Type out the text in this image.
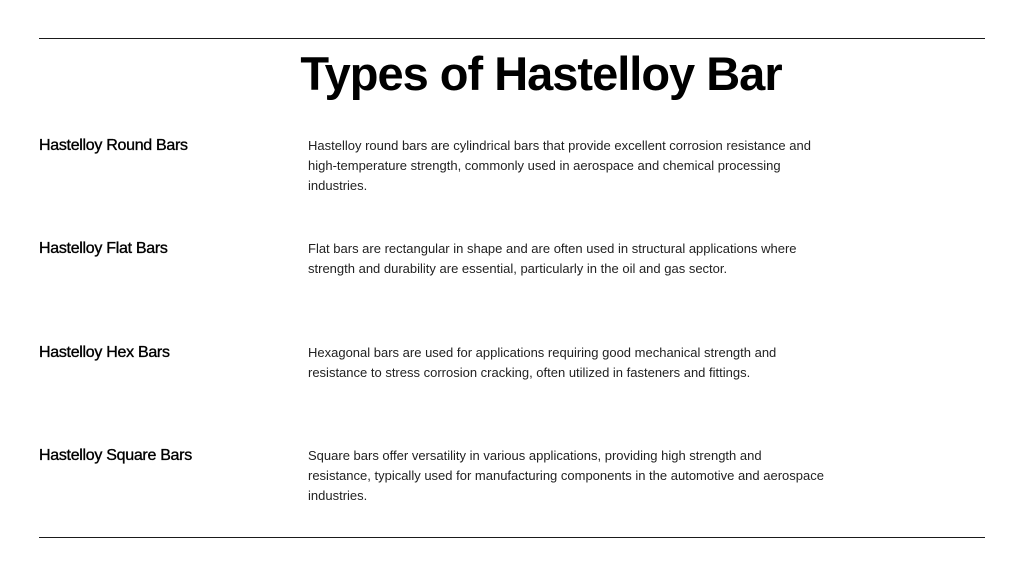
Types of Hastelloy Bar
Hastelloy Round Bars	Hastelloy round bars are cylindrical bars that provide excellent corrosion resistance and high-temperature strength, commonly used in aerospace and chemical processing industries.
Hastelloy Flat Bars	Flat bars are rectangular in shape and are often used in structural applications where strength and durability are essential, particularly in the oil and gas sector.
Hastelloy Hex Bars	Hexagonal bars are used for applications requiring good mechanical strength and resistance to stress corrosion cracking, often utilized in fasteners and fittings.
Hastelloy Square Bars	Square bars offer versatility in various applications, providing high strength and resistance, typically used for manufacturing components in the automotive and aerospace industries.
